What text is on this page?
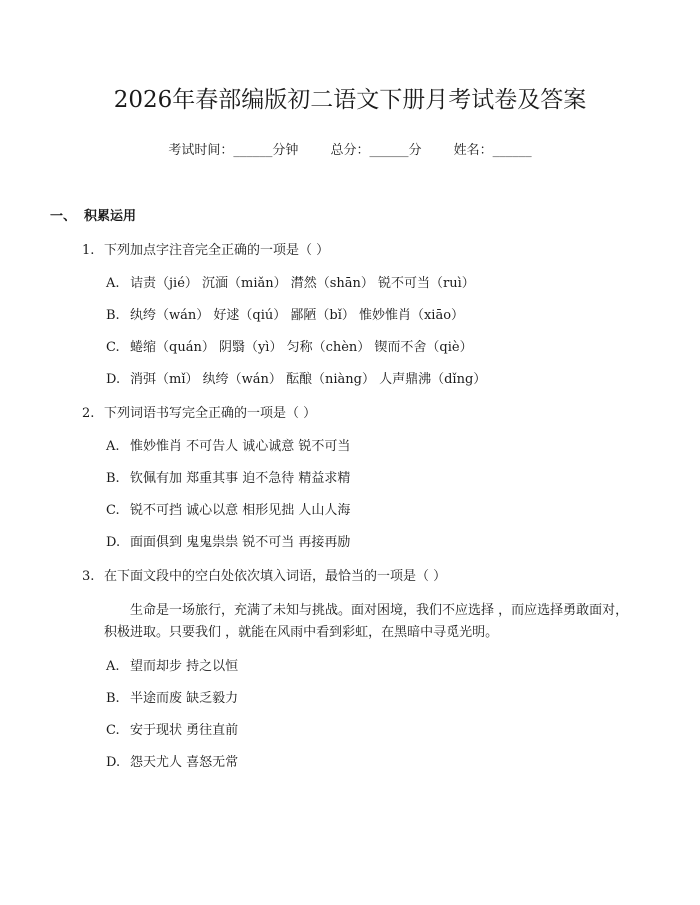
2026年春部编版初二语文下册月考试卷及答案
考试时间：______分钟 总分：______分 姓名：______
一、 积累运用
1. 下列加点字注音完全正确的一项是（ ）
A. 诘责（jié） 沉湎（miǎn） 潸然（shān） 锐不可当（ruì）
B. 纨绔（wán） 好逑（qiú） 鄙陋（bǐ） 惟妙惟肖（xiāo）
C. 蜷缩（quán） 阴翳（yì） 匀称（chèn） 锲而不舍（qiè）
D. 消弭（mǐ） 纨绔（wán） 酝酿（niàng） 人声鼎沸（dǐng）
2. 下列词语书写完全正确的一项是（ ）
A. 惟妙惟肖 不可告人 诚心诚意 锐不可当
B. 钦佩有加 郑重其事 迫不急待 精益求精
C. 锐不可挡 诚心以意 相形见拙 人山人海
D. 面面俱到 鬼鬼祟祟 锐不可当 再接再励
3. 在下面文段中的空白处依次填入词语，最恰当的一项是（ ）
生命是一场旅行，充满了未知与挑战。面对困境，我们不应选择 ，而应选择勇敢面对，积极进取。只要我们 ，就能在风雨中看到彩虹，在黑暗中寻觅光明。
A. 望而却步 持之以恒
B. 半途而废 缺乏毅力
C. 安于现状 勇往直前
D. 怨天尤人 喜怒无常
